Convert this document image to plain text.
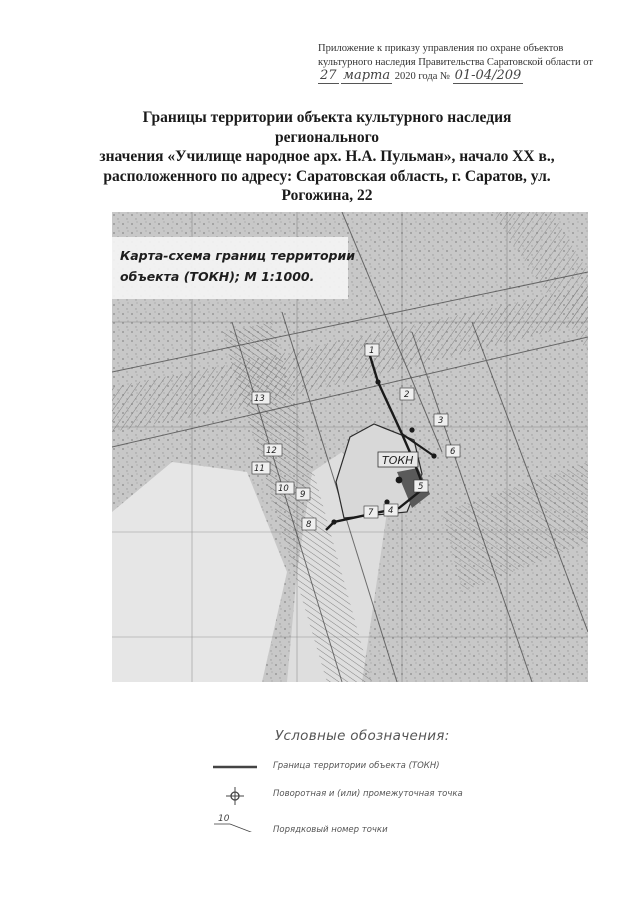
Приложение к приказу управления по охране объектов
культурного наследия Правительства Саратовской области от
27 марта 2020 года № 01-04/209
Границы территории объекта культурного наследия регионального
значения «Училище народное арх. Н.А. Пульман», начало XX в.,
расположенного по адресу: Саратовская область, г. Саратов, ул.
Рогожина, 22
Карта-схема границ территории
объекта (ТОКН); М 1:1000.
ТОКН
1
2
3
4
5
6
7
8
9
10
11
12
13
Условные обозначения:
Граница территории объекта (ТОКН)
Поворотная и (или) промежуточная точка
10
Порядковый номер точки
